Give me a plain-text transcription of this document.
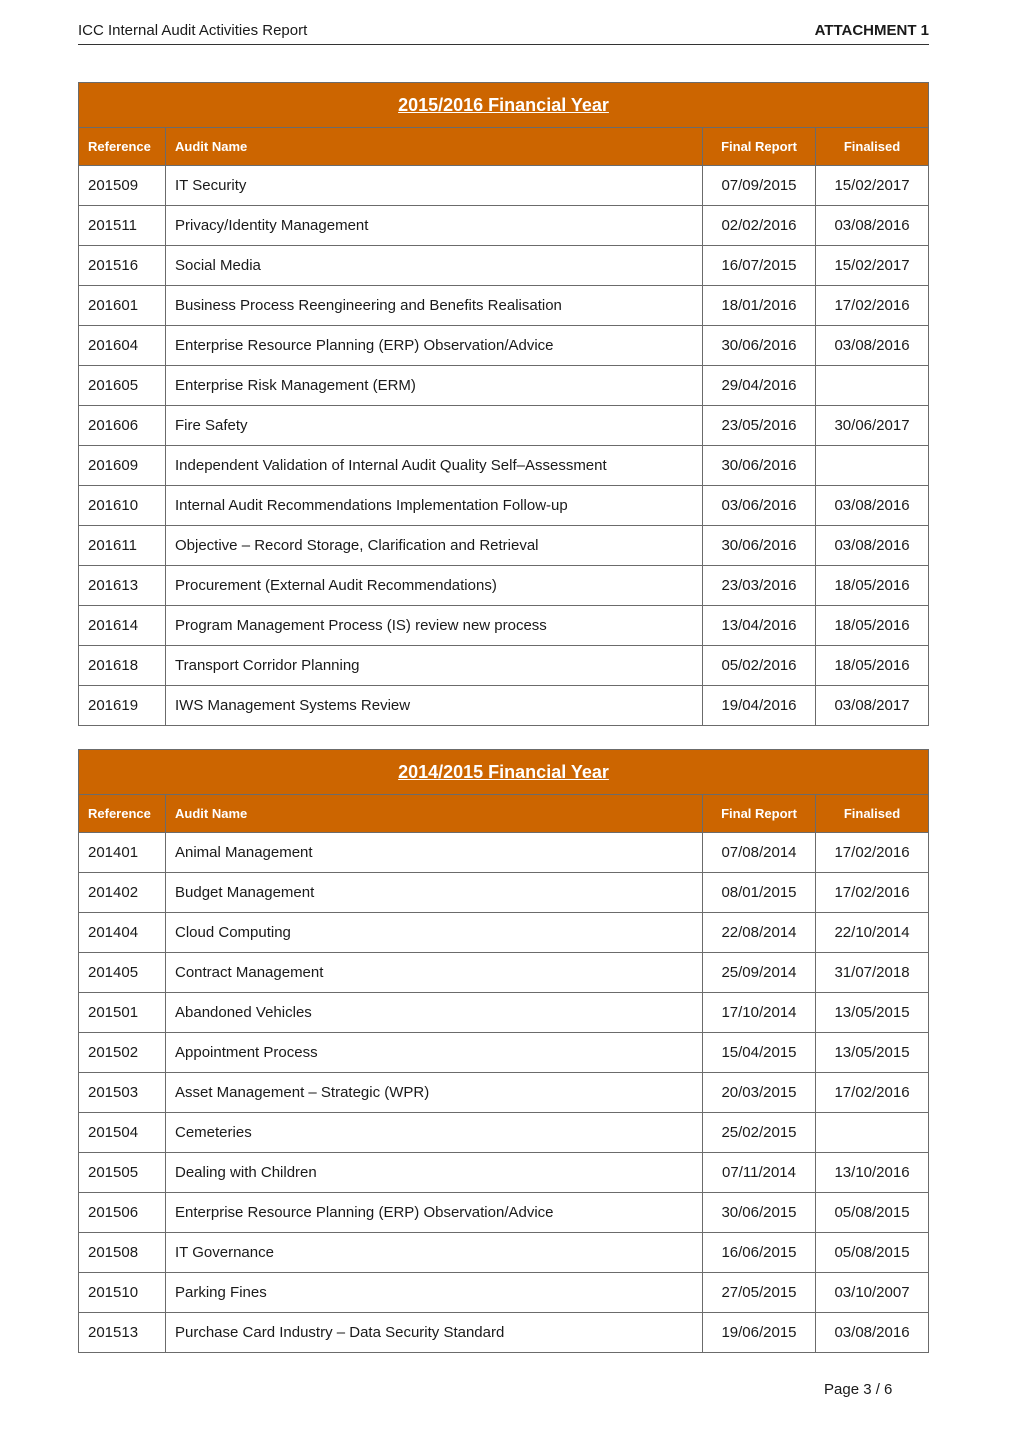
ICC Internal Audit Activities Report	ATTACHMENT 1
2015/2016 Financial Year			
Reference	Audit Name	Final Report	Finalised
201509	IT Security	07/09/2015	15/02/2017
201511	Privacy/Identity Management	02/02/2016	03/08/2016
201516	Social Media	16/07/2015	15/02/2017
201601	Business Process Reengineering and Benefits Realisation	18/01/2016	17/02/2016
201604	Enterprise Resource Planning (ERP) Observation/Advice	30/06/2016	03/08/2016
201605	Enterprise Risk Management (ERM)	29/04/2016	
201606	Fire Safety	23/05/2016	30/06/2017
201609	Independent Validation of Internal Audit Quality Self–Assessment	30/06/2016	
201610	Internal Audit Recommendations Implementation Follow-up	03/06/2016	03/08/2016
201611	Objective – Record Storage, Clarification and Retrieval	30/06/2016	03/08/2016
201613	Procurement (External Audit Recommendations)	23/03/2016	18/05/2016
201614	Program Management Process (IS) review new process	13/04/2016	18/05/2016
201618	Transport Corridor Planning	05/02/2016	18/05/2016
201619	IWS Management Systems Review	19/04/2016	03/08/2017
2014/2015 Financial Year			
Reference	Audit Name	Final Report	Finalised
201401	Animal Management	07/08/2014	17/02/2016
201402	Budget Management	08/01/2015	17/02/2016
201404	Cloud Computing	22/08/2014	22/10/2014
201405	Contract Management	25/09/2014	31/07/2018
201501	Abandoned Vehicles	17/10/2014	13/05/2015
201502	Appointment Process	15/04/2015	13/05/2015
201503	Asset Management – Strategic (WPR)	20/03/2015	17/02/2016
201504	Cemeteries	25/02/2015	
201505	Dealing with Children	07/11/2014	13/10/2016
201506	Enterprise Resource Planning (ERP) Observation/Advice	30/06/2015	05/08/2015
201508	IT Governance	16/06/2015	05/08/2015
201510	Parking Fines	27/05/2015	03/10/2007
201513	Purchase Card Industry – Data Security Standard	19/06/2015	03/08/2016
Page 3 / 6
